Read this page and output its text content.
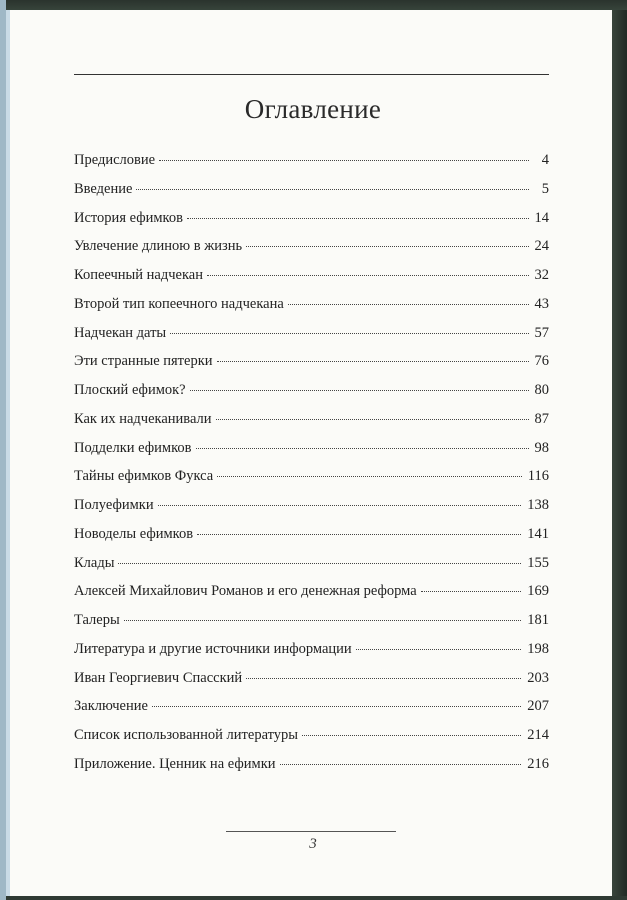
Оглавление
Предисловие	4
Введение	5
История ефимков	14
Увлечение длиною в жизнь	24
Копеечный надчекан	32
Второй тип копеечного надчекана	43
Надчекан даты	57
Эти странные пятерки	76
Плоский ефимок?	80
Как их надчеканивали	87
Подделки ефимков	98
Тайны ефимков Фукса	116
Полуефимки	138
Новоделы ефимков	141
Клады	155
Алексей Михайлович Романов и его денежная реформа	169
Талеры	181
Литература и другие источники информации	198
Иван Георгиевич Спасский	203
Заключение	207
Список использованной литературы	214
Приложение. Ценник на ефимки	216
3
